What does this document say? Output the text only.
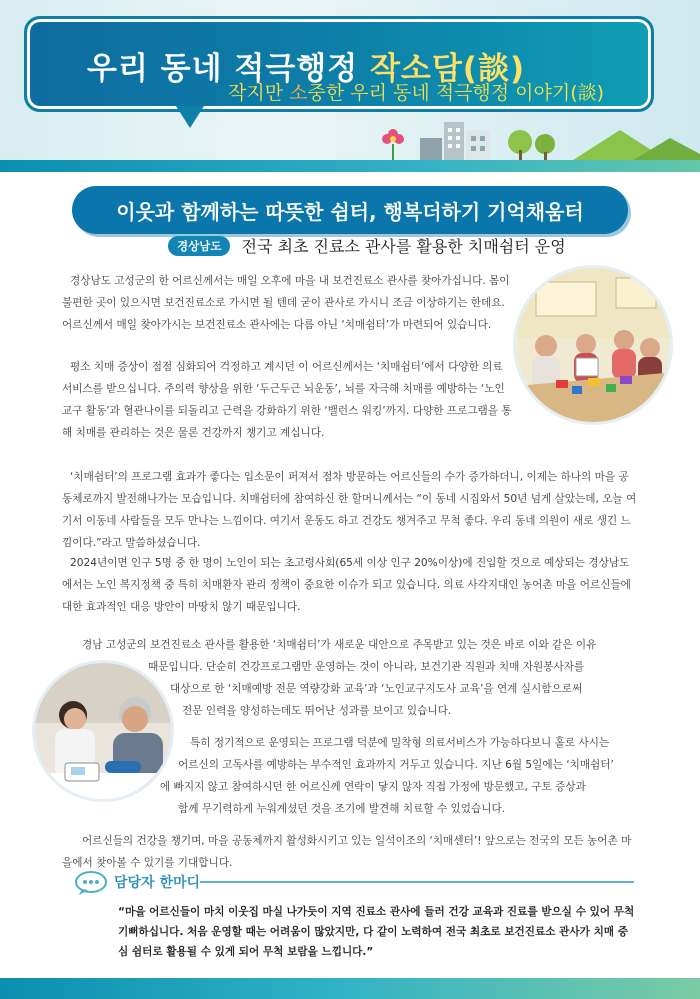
우리 동네 적극행정 작소담(談)
작지만 소중한 우리 동네 적극행정 이야기(談)
이웃과 함께하는 따뜻한 쉼터, 행복더하기 기억채움터
경상남도 전국 최초 진료소 관사를 활용한 치매쉼터 운영

경상남도 고성군의 한 어르신께서는 매일 오후에 마을 내 보건진료소 관사를 찾아가십니다. 몸이 불편한 곳이 있으시면 보건진료소로 가시면 될 텐데 굳이 관사로 가시니 조금 이상하기는 한데요. 어르신께서 매일 찾아가시는 보건진료소 관사에는 다름 아닌 ‘치매쉼터’가 마련되어 있습니다.

평소 치매 증상이 점점 심화되어 걱정하고 계시던 이 어르신께서는 ‘치매쉼터’에서 다양한 의료서비스를 받으십니다. 주의력 향상을 위한 ‘두근두근 뇌운동’, 뇌를 자극해 치매를 예방하는 ‘노인교구 활동’과 혈관나이를 되돌리고 근력을 강화하기 위한 ‘밸런스 워킹’까지. 다양한 프로그램을 통해 치매를 관리하는 것은 물론 건강까지 챙기고 계십니다.

‘치매쉼터’의 프로그램 효과가 좋다는 입소문이 퍼져서 점차 방문하는 어르신들의 수가 증가하더니, 이제는 하나의 마을 공동체로까지 발전해나가는 모습입니다. 치매쉼터에 참여하신 한 할머니께서는 “이 동네 시집와서 50년 넘게 살았는데, 오늘 여기서 이동네 사람들을 모두 만나는 느낌이다. 여기서 운동도 하고 건강도 챙겨주고 무척 좋다. 우리 동네 의원이 새로 생긴 느낌이다.”라고 말씀하셨습니다.

2024년이면 인구 5명 중 한 명이 노인이 되는 초고령사회(65세 이상 인구 20%이상)에 진입할 것으로 예상되는 경상남도에서는 노인 복지정책 중 특히 치매환자 관리 정책이 중요한 이슈가 되고 있습니다. 의료 사각지대인 농어촌 마을 어르신들에 대한 효과적인 대응 방안이 마땅치 않기 때문입니다.

경남 고성군의 보건진료소 관사를 활용한 ‘치매쉼터’가 새로운 대안으로 주목받고 있는 것은 바로 이와 같은 이유

때문입니다. 단순히 건강프로그램만 운영하는 것이 아니라, 보건기관 직원과 치매 자원봉사자를

대상으로 한 ‘치매예방 전문 역량강화 교육’과 ‘노인교구지도사 교육’을 연계 실시함으로써

전문 인력을 양성하는데도 뛰어난 성과를 보이고 있습니다.

특히 정기적으로 운영되는 프로그램 덕분에 밀착형 의료서비스가 가능하다보니 홀로 사시는

어르신의 고독사를 예방하는 부수적인 효과까지 거두고 있습니다. 지난 6월 5일에는 ‘치매쉼터’

에 빠지지 않고 참여하시던 한 어르신께 연락이 닿지 않자 직접 가정에 방문했고, 구토 증상과

함께 무기력하게 누워계셨던 것을 조기에 발견해 치료할 수 있었습니다.

어르신들의 건강을 챙기며, 마을 공동체까지 활성화시키고 있는 일석이조의 ‘치매센터’! 앞으로는 전국의 모든 농어촌 마을에서 찾아볼 수 있기를 기대합니다.

담당자 한마디

“마을 어르신들이 마치 이웃집 마실 나가듯이 지역 진료소 관사에 들러 건강 교육과 진료를 받으실 수 있어 무척 기뻐하십니다. 처음 운영할 때는 어려움이 많았지만, 다 같이 노력하여 전국 최초로 보건진료소 관사가 치매 중심 쉼터로 활용될 수 있게 되어 무척 보람을 느낍니다.”
